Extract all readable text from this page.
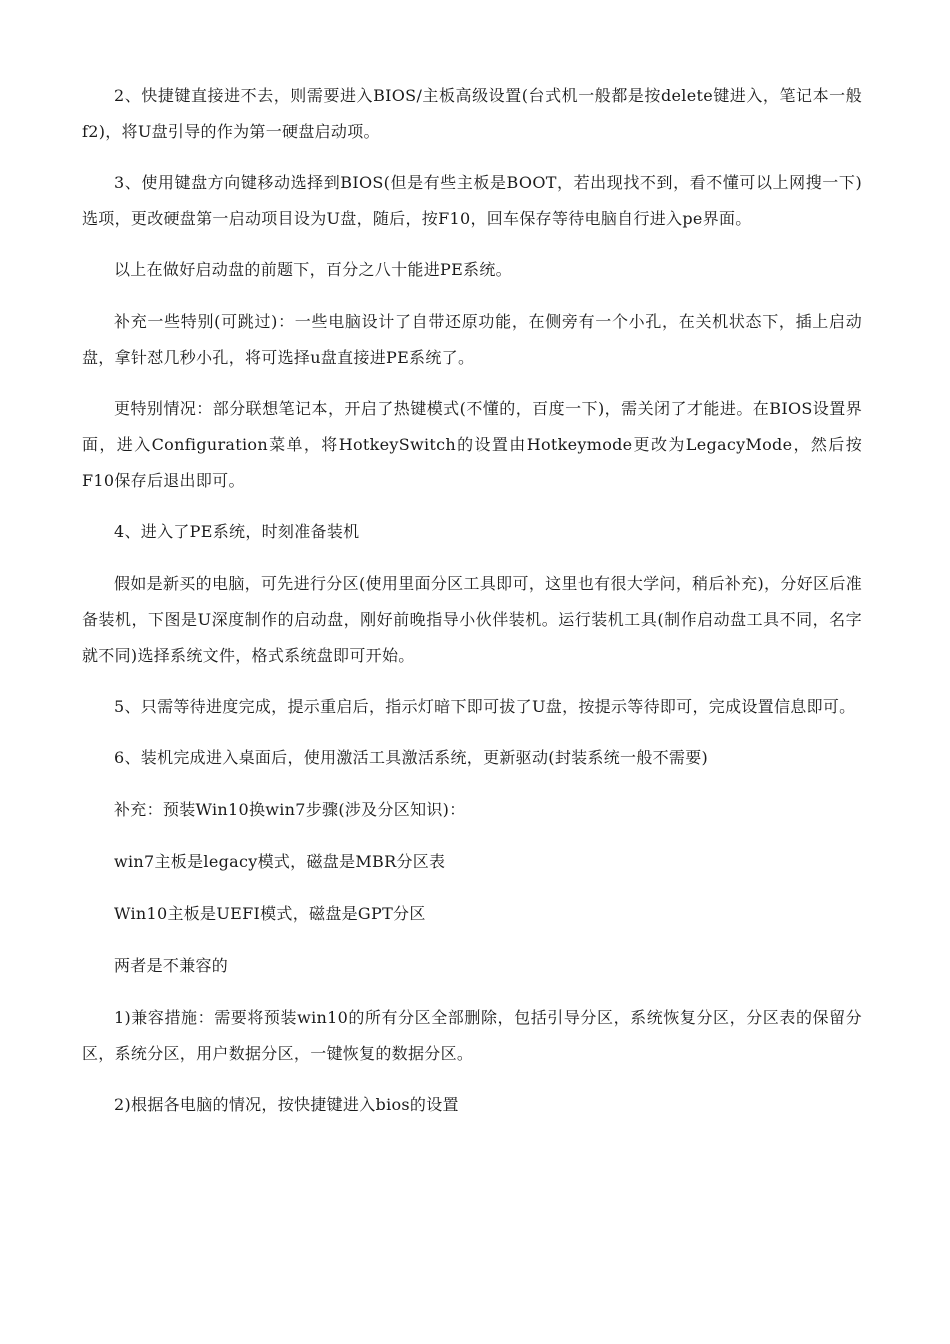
2、快捷键直接进不去，则需要进入BIOS/主板高级设置(台式机一般都是按delete键进入，笔记本一般f2)，将U盘引导的作为第一硬盘启动项。

3、使用键盘方向键移动选择到BIOS(但是有些主板是BOOT，若出现找不到，看不懂可以上网搜一下)选项，更改硬盘第一启动项目设为U盘，随后，按F10，回车保存等待电脑自行进入pe界面。

以上在做好启动盘的前题下，百分之八十能进PE系统。

补充一些特别(可跳过)：一些电脑设计了自带还原功能，在侧旁有一个小孔，在关机状态下，插上启动盘，拿针怼几秒小孔，将可选择u盘直接进PE系统了。

更特别情况：部分联想笔记本，开启了热键模式(不懂的，百度一下)，需关闭了才能进。在BIOS设置界面，进入Configuration菜单，将HotkeySwitch的设置由Hotkeymode更改为LegacyMode，然后按F10保存后退出即可。

4、进入了PE系统，时刻准备装机

假如是新买的电脑，可先进行分区(使用里面分区工具即可，这里也有很大学问，稍后补充)，分好区后准备装机，下图是U深度制作的启动盘，刚好前晚指导小伙伴装机。运行装机工具(制作启动盘工具不同，名字就不同)选择系统文件，格式系统盘即可开始。

5、只需等待进度完成，提示重启后，指示灯暗下即可拔了U盘，按提示等待即可，完成设置信息即可。

6、装机完成进入桌面后，使用激活工具激活系统，更新驱动(封装系统一般不需要)

补充：预装Win10换win7步骤(涉及分区知识)：

win7主板是legacy模式，磁盘是MBR分区表

Win10主板是UEFI模式，磁盘是GPT分区

两者是不兼容的

1)兼容措施：需要将预装win10的所有分区全部删除，包括引导分区，系统恢复分区，分区表的保留分区，系统分区，用户数据分区，一键恢复的数据分区。

2)根据各电脑的情况，按快捷键进入bios的设置
